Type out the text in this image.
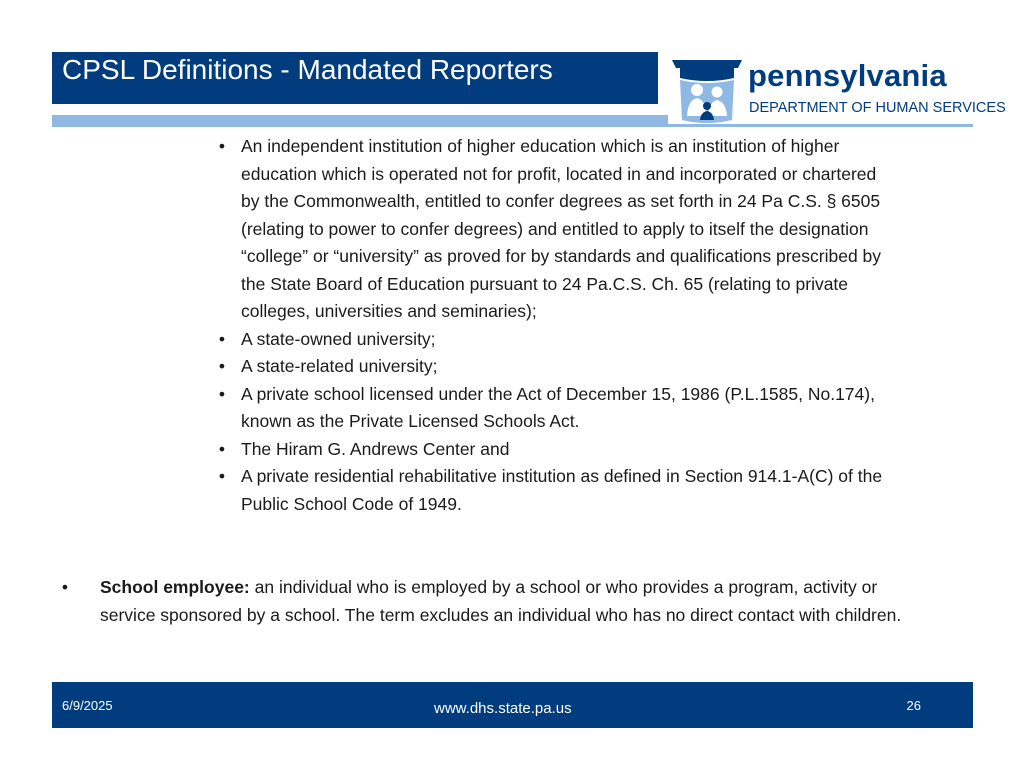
CPSL Definitions - Mandated Reporters	pennsylvania
DEPARTMENT OF HUMAN SERVICES
• An independent institution of higher education which is an institution of higher education which is operated not for profit, located in and incorporated or chartered by the Commonwealth, entitled to confer degrees as set forth in 24 Pa C.S. § 6505 (relating to power to confer degrees) and entitled to apply to itself the designation “college” or “university” as proved for by standards and qualifications prescribed by the State Board of Education pursuant to 24 Pa.C.S. Ch. 65 (relating to private colleges, universities and seminaries);
• A state-owned university;
• A state-related university;
• A private school licensed under the Act of December 15, 1986 (P.L.1585, No.174), known as the Private Licensed Schools Act.
• The Hiram G. Andrews Center and
• A private residential rehabilitative institution as defined in Section 914.1-A(C) of the Public School Code of 1949.
• School employee: an individual who is employed by a school or who provides a program, activity or service sponsored by a school. The term excludes an individual who has no direct contact with children.
6/9/2025	www.dhs.state.pa.us	26
